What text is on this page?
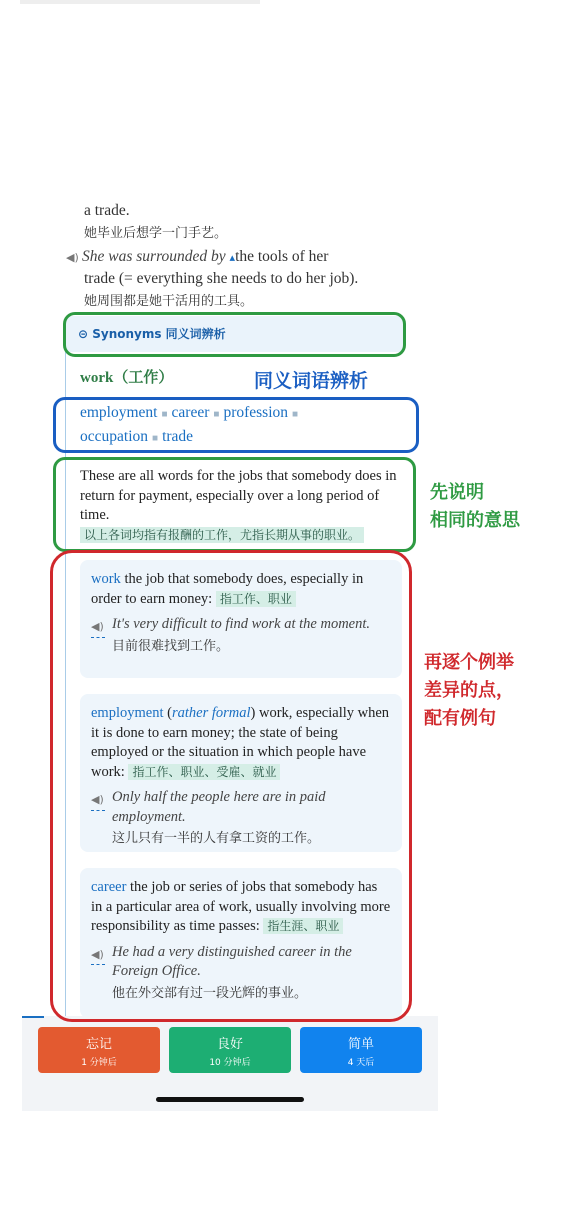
a trade.
她毕业后想学一门手艺。
◀) She was surrounded by ▴the tools of her
trade (= everything she needs to do her job).
她周围都是她干活用的工具。
⊝ Synonyms 同义词辨析
work（工作）
employment ■ career ■ profession ■
occupation ■ trade
These are all words for the jobs that somebody does in return for payment, especially over a long period of time.
以上各词均指有报酬的工作，尤指长期从事的职业。
work the job that somebody does, especially in order to earn money: 指工作、职业
◀) It's very difficult to find work at the moment.
目前很难找到工作。
employment (rather formal) work, especially when it is done to earn money; the state of being employed or the situation in which people have work: 指工作、职业、受雇、就业
◀) Only half the people here are in paid employment.
这儿只有一半的人有拿工资的工作。
career the job or series of jobs that somebody has in a particular area of work, usually involving more responsibility as time passes: 指生涯、职业
◀) He had a very distinguished career in the Foreign Office.
他在外交部有过一段光辉的事业。
忘记
1 分钟后
良好
10 分钟后
简单
4 天后
同义词语辨析
先说明
相同的意思
再逐个例举
差异的点，
配有例句
